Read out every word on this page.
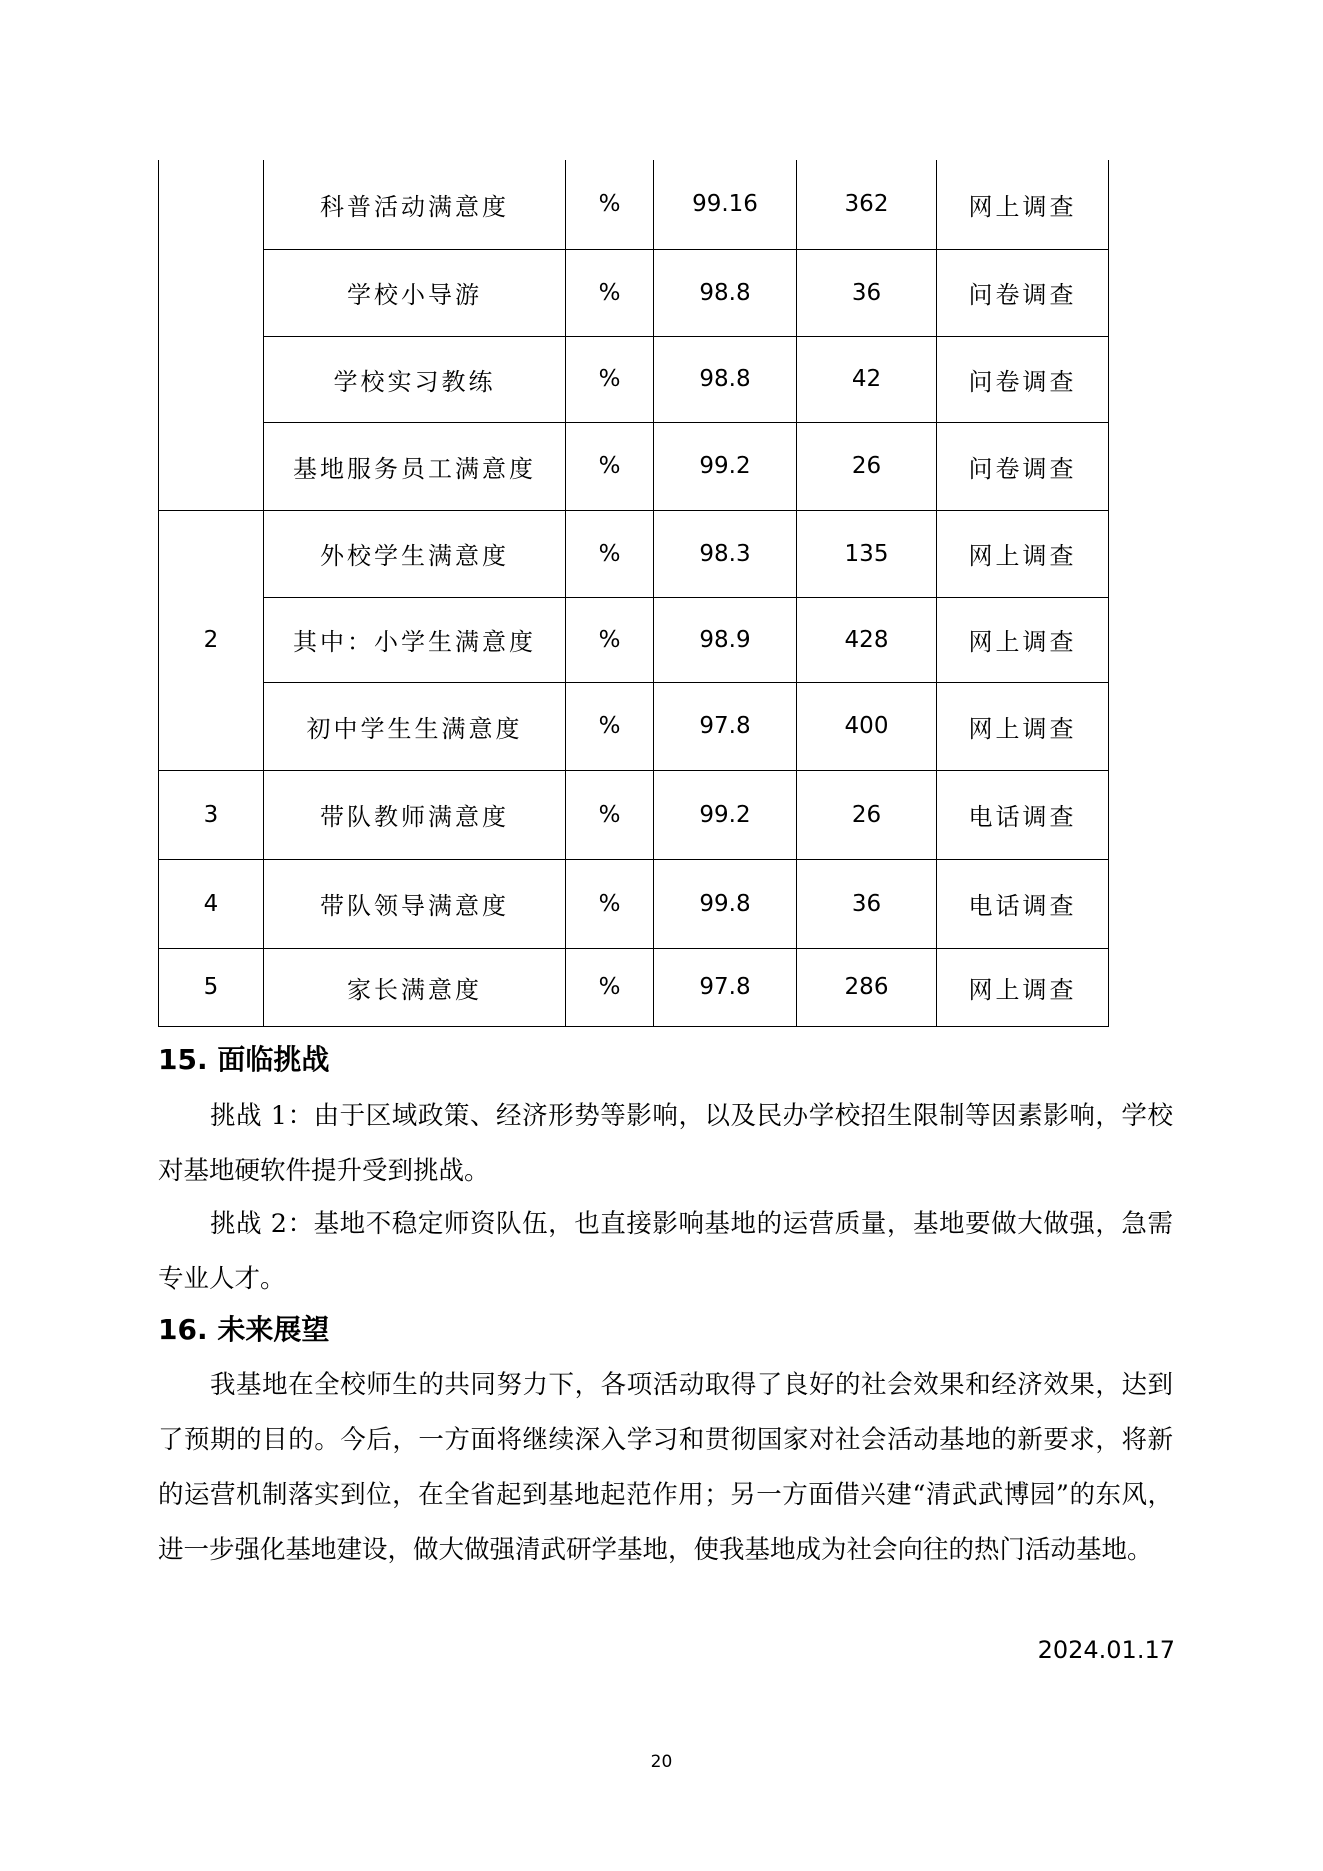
	科普活动满意度	%	99.16	362	网上调查
	学校小导游	%	98.8	36	问卷调查
	学校实习教练	%	98.8	42	问卷调查
	基地服务员工满意度	%	99.2	26	问卷调查
2	外校学生满意度	%	98.3	135	网上调查
	其中：小学生满意度	%	98.9	428	网上调查
	初中学生生满意度	%	97.8	400	网上调查
3	带队教师满意度	%	99.2	26	电话调查
4	带队领导满意度	%	99.8	36	电话调查
5	家长满意度	%	97.8	286	网上调查
15. 面临挑战

挑战 1：由于区域政策、经济形势等影响，以及民办学校招生限制等因素影响，学校对基地硬软件提升受到挑战。

挑战 2：基地不稳定师资队伍，也直接影响基地的运营质量，基地要做大做强，急需专业人才。

16. 未来展望

我基地在全校师生的共同努力下，各项活动取得了良好的社会效果和经济效果，达到了预期的目的。今后，一方面将继续深入学习和贯彻国家对社会活动基地的新要求，将新的运营机制落实到位，在全省起到基地起范作用；另一方面借兴建“清武武博园”的东风，进一步强化基地建设，做大做强清武研学基地，使我基地成为社会向往的热门活动基地。

2024.01.17
20
